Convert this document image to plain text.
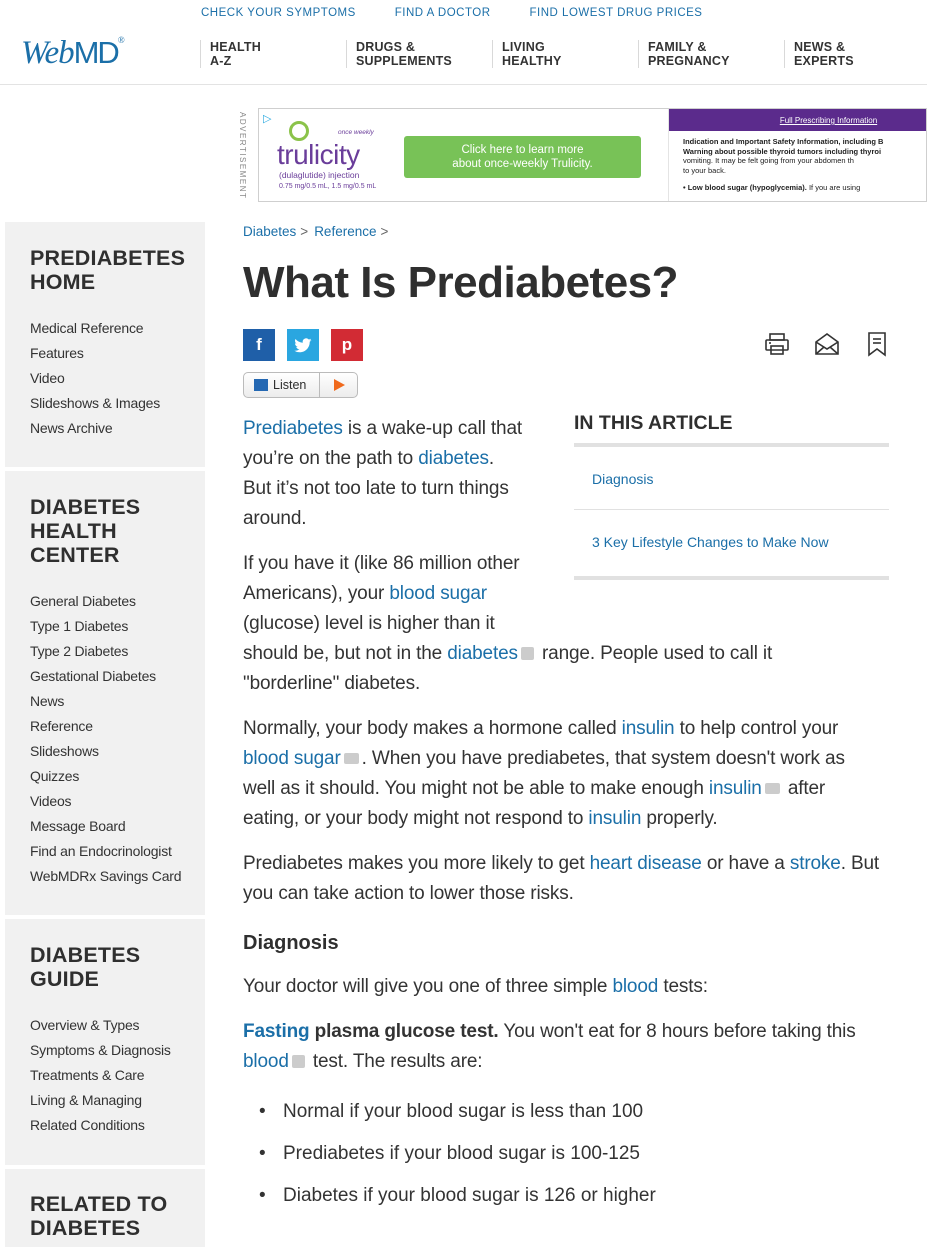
CHECK YOUR SYMPTOMS	FIND A DOCTOR	FIND LOWEST DRUG PRICES
WebMD®	HEALTH
A-Z
DRUGS &
SUPPLEMENTS
LIVING
HEALTHY
FAMILY &
PREGNANCY
NEWS &
EXPERTS
ADVERTISEMENT ▷
once weekly
trulicity
(dulaglutide) injection
0.75 mg/0.5 mL, 1.5 mg/0.5 mL
Click here to learn more
about once-weekly Trulicity.
Full Prescribing Information
Indication and Important Safety Information, including B
Warning about possible thyroid tumors including thyroi
vomiting. It may be felt going from your abdomen th
to your back.
• Low blood sugar (hypoglycemia). If you are using
PREDIABETES HOME
Medical Reference
Features
Video
Slideshows & Images
News Archive
DIABETES HEALTH CENTER
General Diabetes
Type 1 Diabetes
Type 2 Diabetes
Gestational Diabetes
News
Reference
Slideshows
Quizzes
Videos
Message Board
Find an Endocrinologist
WebMDRx Savings Card
DIABETES GUIDE
Overview & Types
Symptoms & Diagnosis
Treatments & Care
Living & Managing
Related Conditions
RELATED TO DIABETES
Diabetes > Reference >
What Is Prediabetes?
f	p
Listen
IN THIS ARTICLE
Diagnosis
3 Key Lifestyle Changes to Make Now
Prediabetes is a wake-up call that
you’re on the path to diabetes.
But it’s not too late to turn things
around.
If you have it (like 86 million other
Americans), your blood sugar
(glucose) level is higher than it
should be, but not in the diabetes range. People used to call it
"borderline" diabetes.
Normally, your body makes a hormone called insulin to help control your
blood sugar . When you have prediabetes, that system doesn't work as
well as it should. You might not be able to make enough insulin after
eating, or your body might not respond to insulin properly.
Prediabetes makes you more likely to get heart disease or have a stroke. But
you can take action to lower those risks.
Diagnosis
Your doctor will give you one of three simple blood tests:
Fasting plasma glucose test. You won't eat for 8 hours before taking this
blood test. The results are:
• Normal if your blood sugar is less than 100
• Prediabetes if your blood sugar is 100-125
• Diabetes if your blood sugar is 126 or higher
